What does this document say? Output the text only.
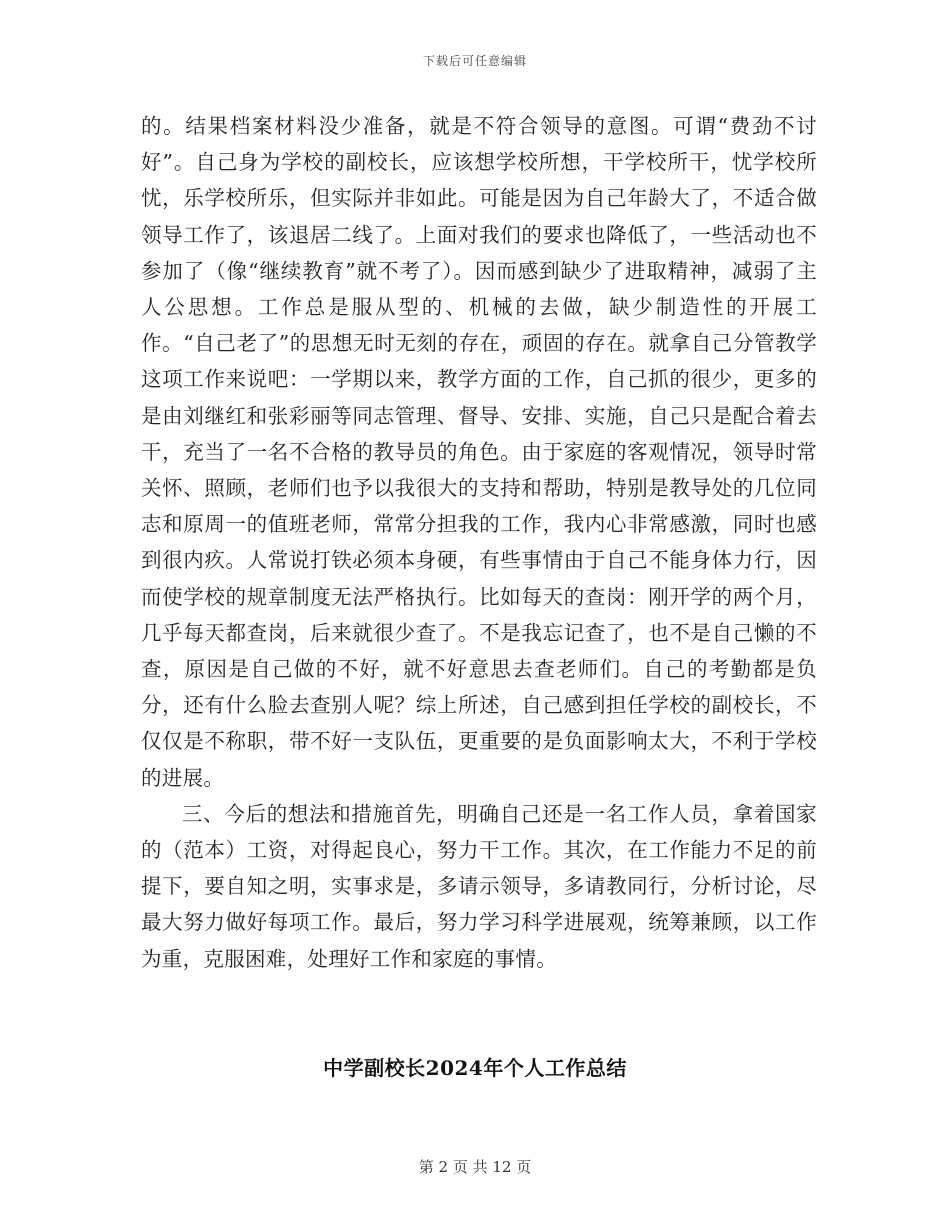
下载后可任意编辑

的。结果档案材料没少准备，就是不符合领导的意图。可谓“费劲不讨好”。自己身为学校的副校长，应该想学校所想，干学校所干，忧学校所忧，乐学校所乐，但实际并非如此。可能是因为自己年龄大了，不适合做领导工作了，该退居二线了。上面对我们的要求也降低了，一些活动也不参加了（像“继续教育”就不考了）。因而感到缺少了进取精神，减弱了主人公思想。工作总是服从型的、机械的去做，缺少制造性的开展工作。“自己老了”的思想无时无刻的存在，顽固的存在。就拿自己分管教学这项工作来说吧：一学期以来，教学方面的工作，自己抓的很少，更多的是由刘继红和张彩丽等同志管理、督导、安排、实施，自己只是配合着去干，充当了一名不合格的教导员的角色。由于家庭的客观情况，领导时常关怀、照顾，老师们也予以我很大的支持和帮助，特别是教导处的几位同志和原周一的值班老师，常常分担我的工作，我内心非常感激，同时也感到很内疚。人常说打铁必须本身硬，有些事情由于自己不能身体力行，因而使学校的规章制度无法严格执行。比如每天的查岗：刚开学的两个月，几乎每天都查岗，后来就很少查了。不是我忘记查了，也不是自己懒的不查，原因是自己做的不好，就不好意思去查老师们。自己的考勤都是负分，还有什么脸去查别人呢？综上所述，自己感到担任学校的副校长，不仅仅是不称职，带不好一支队伍，更重要的是负面影响太大，不利于学校的进展。

三、今后的想法和措施首先，明确自己还是一名工作人员，拿着国家的（范本）工资，对得起良心，努力干工作。其次，在工作能力不足的前提下，要自知之明，实事求是，多请示领导，多请教同行，分析讨论，尽最大努力做好每项工作。最后，努力学习科学进展观，统筹兼顾，以工作为重，克服困难，处理好工作和家庭的事情。

中学副校长2024年个人工作总结
第 2 页 共 12 页
